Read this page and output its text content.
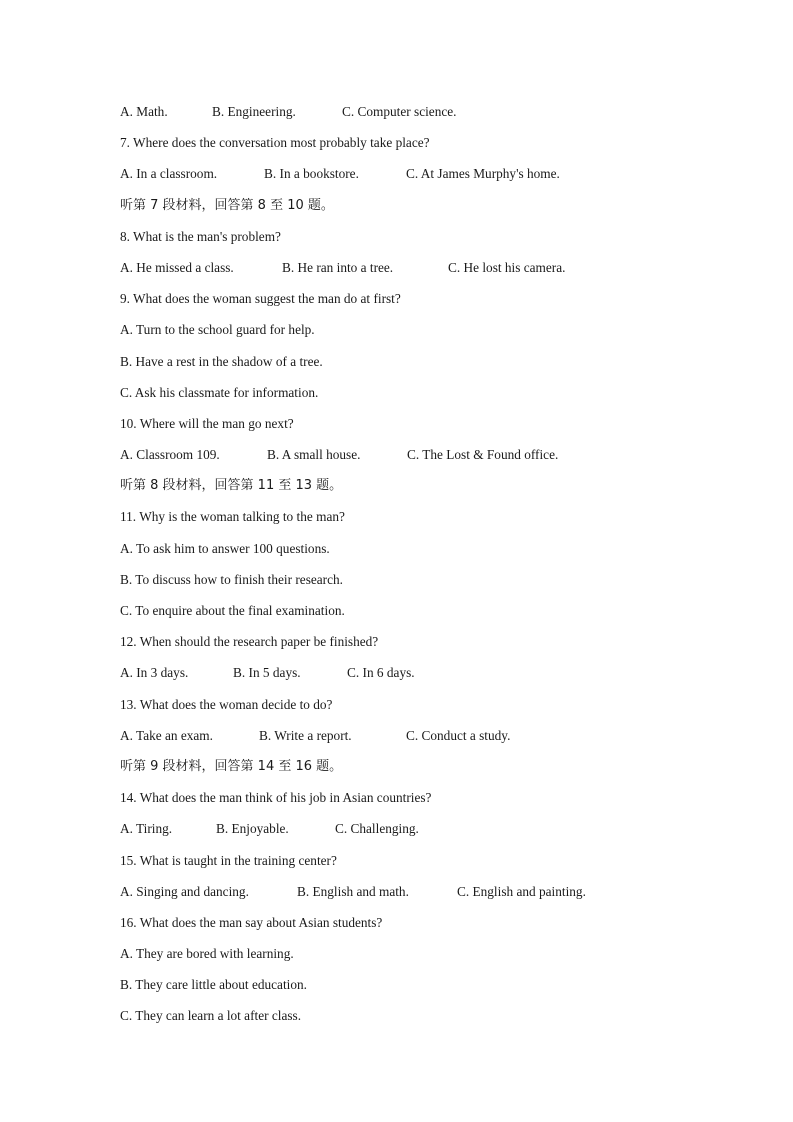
A. Math.	B. Engineering.	C. Computer science.
7. Where does the conversation most probably take place?
A. In a classroom.	B. In a bookstore.	C. At James Murphy's home.
听第 7 段材料，回答第 8 至 10 题。
8. What is the man's problem?
A. He missed a class.	B. He ran into a tree.	C. He lost his camera.
9. What does the woman suggest the man do at first?
A. Turn to the school guard for help.
B. Have a rest in the shadow of a tree.
C. Ask his classmate for information.
10. Where will the man go next?
A. Classroom 109.	B. A small house.	C. The Lost & Found office.
听第 8 段材料，回答第 11 至 13 题。
11. Why is the woman talking to the man?
A. To ask him to answer 100 questions.
B. To discuss how to finish their research.
C. To enquire about the final examination.
12. When should the research paper be finished?
A. In 3 days.	B. In 5 days.	C. In 6 days.
13. What does the woman decide to do?
A. Take an exam.	B. Write a report.	C. Conduct a study.
听第 9 段材料，回答第 14 至 16 题。
14. What does the man think of his job in Asian countries?
A. Tiring.	B. Enjoyable.	C. Challenging.
15. What is taught in the training center?
A. Singing and dancing.	B. English and math.	C. English and painting.
16. What does the man say about Asian students?
A. They are bored with learning.
B. They care little about education.
C. They can learn a lot after class.
